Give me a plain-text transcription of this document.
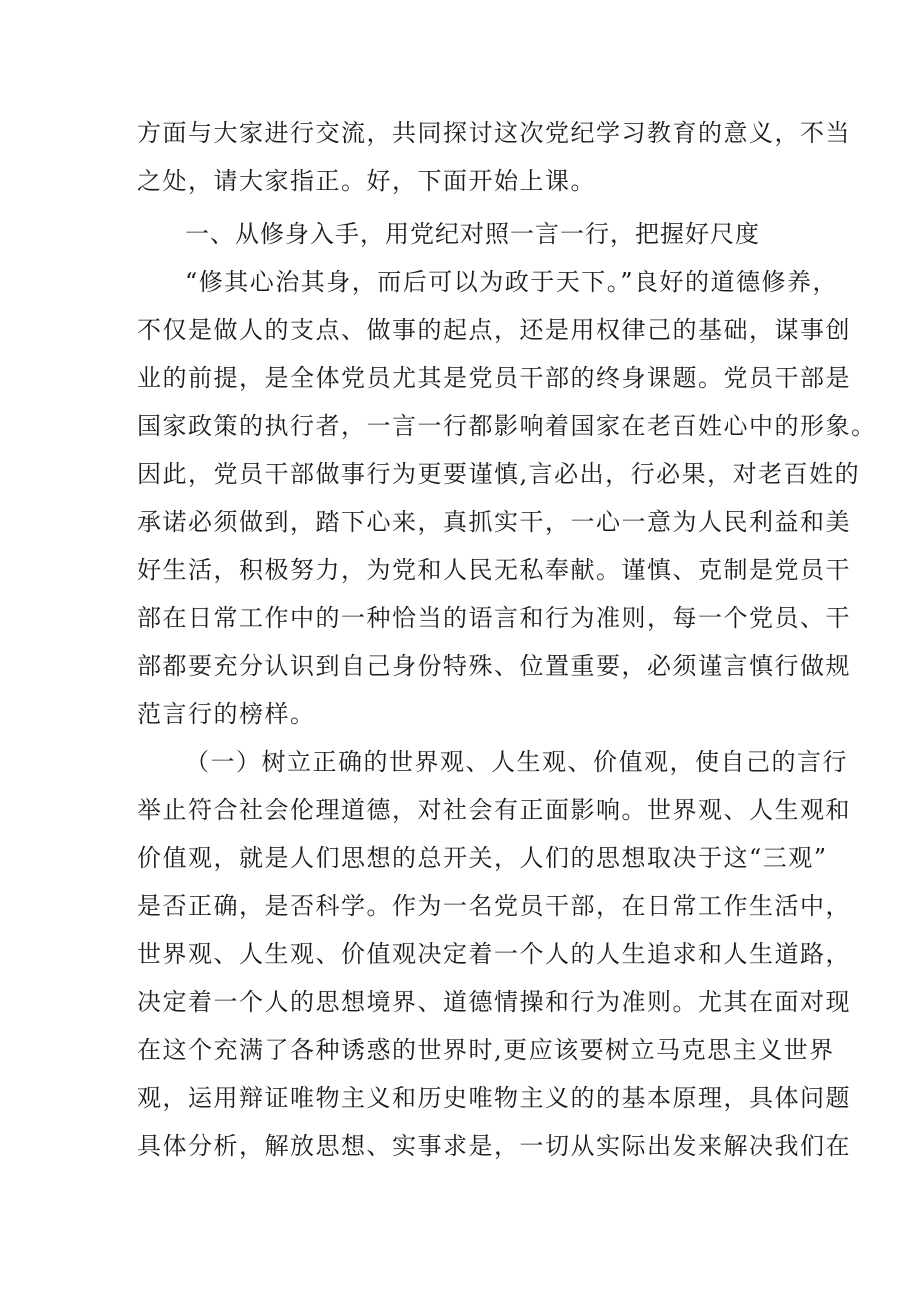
方面与大家进行交流，共同探讨这次党纪学习教育的意义，不当
之处，请大家指正。好，下面开始上课。
一、从修身入手，用党纪对照一言一行，把握好尺度
“修其心治其身，而后可以为政于天下。”良好的道德修养，
不仅是做人的支点、做事的起点，还是用权律己的基础，谋事创
业的前提，是全体党员尤其是党员干部的终身课题。党员干部是
国家政策的执行者，一言一行都影响着国家在老百姓心中的形象。
因此，党员干部做事行为更要谨慎,言必出，行必果，对老百姓的
承诺必须做到，踏下心来，真抓实干，一心一意为人民利益和美
好生活，积极努力，为党和人民无私奉献。谨慎、克制是党员干
部在日常工作中的一种恰当的语言和行为准则，每一个党员、干
部都要充分认识到自己身份特殊、位置重要，必须谨言慎行做规
范言行的榜样。
（一）树立正确的世界观、人生观、价值观，使自己的言行
举止符合社会伦理道德，对社会有正面影响。世界观、人生观和
价值观，就是人们思想的总开关，人们的思想取决于这“三观”
是否正确，是否科学。作为一名党员干部，在日常工作生活中，
世界观、人生观、价值观决定着一个人的人生追求和人生道路，
决定着一个人的思想境界、道德情操和行为准则。尤其在面对现
在这个充满了各种诱惑的世界时,更应该要树立马克思主义世界
观，运用辩证唯物主义和历史唯物主义的的基本原理，具体问题
具体分析，解放思想、实事求是，一切从实际出发来解决我们在
